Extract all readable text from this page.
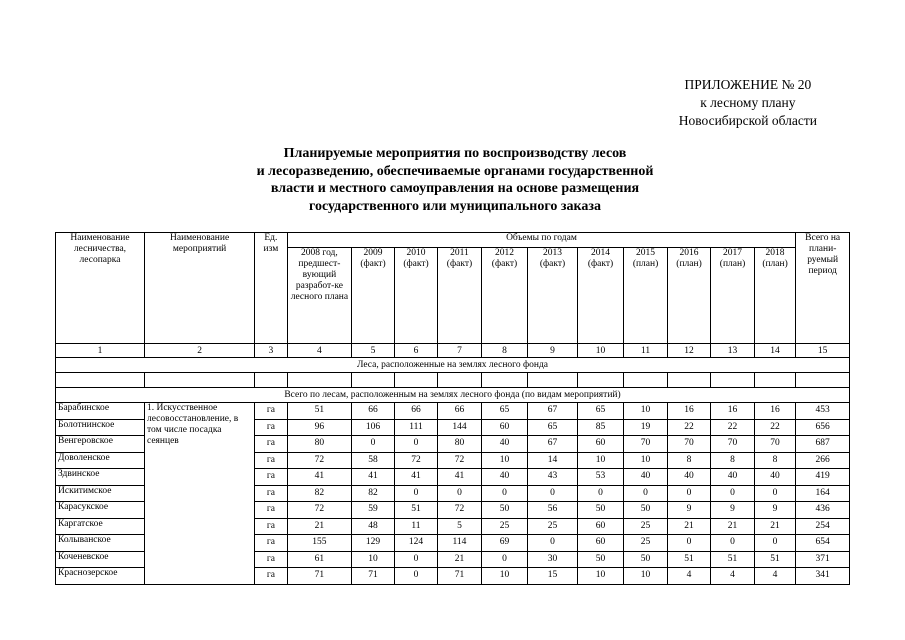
ПРИЛОЖЕНИЕ № 20
к лесному плану
Новосибирской области
Планируемые мероприятия по воспроизводству лесов
и лесоразведению, обеспечиваемые органами государственной
власти и местного самоуправления на основе размещения
государственного или муниципального заказа
Наименование лесничества, лесопарка	Наименование мероприятий	Ед. изм	Объемы по годам											Всего на плани-руемый период
			2008 год, предшест-вующий разработ-ке лесного плана	2009 (факт)	2010 (факт)	2011 (факт)	2012 (факт)	2013 (факт)	2014 (факт)	2015 (план)	2016 (план)	2017 (план)	2018 (план)	
1	2	3	4	5	6	7	8	9	10	11	12	13	14	15
Леса, расположенные на землях лесного фонда														

Всего по лесам, расположенным на землях лесного фонда (по видам мероприятий)														
Барабинское	1. Искусственное лесовосстановление, в том числе посадка сеянцев	га	51	66	66	66	65	67	65	10	16	16	16	453
Болотнинское		га	96	106	111	144	60	65	85	19	22	22	22	656
Венгеровское		га	80	0	0	80	40	67	60	70	70	70	70	687
Доволенское		га	72	58	72	72	10	14	10	10	8	8	8	266
Здвинское		га	41	41	41	41	40	43	53	40	40	40	40	419
Искитимское		га	82	82	0	0	0	0	0	0	0	0	0	164
Карасукское		га	72	59	51	72	50	56	50	50	9	9	9	436
Каргатское		га	21	48	11	5	25	25	60	25	21	21	21	254
Колыванское		га	155	129	124	114	69	0	60	25	0	0	0	654
Коченевское		га	61	10	0	21	0	30	50	50	51	51	51	371
Краснозерское		га	71	71	0	71	10	15	10	10	4	4	4	341
